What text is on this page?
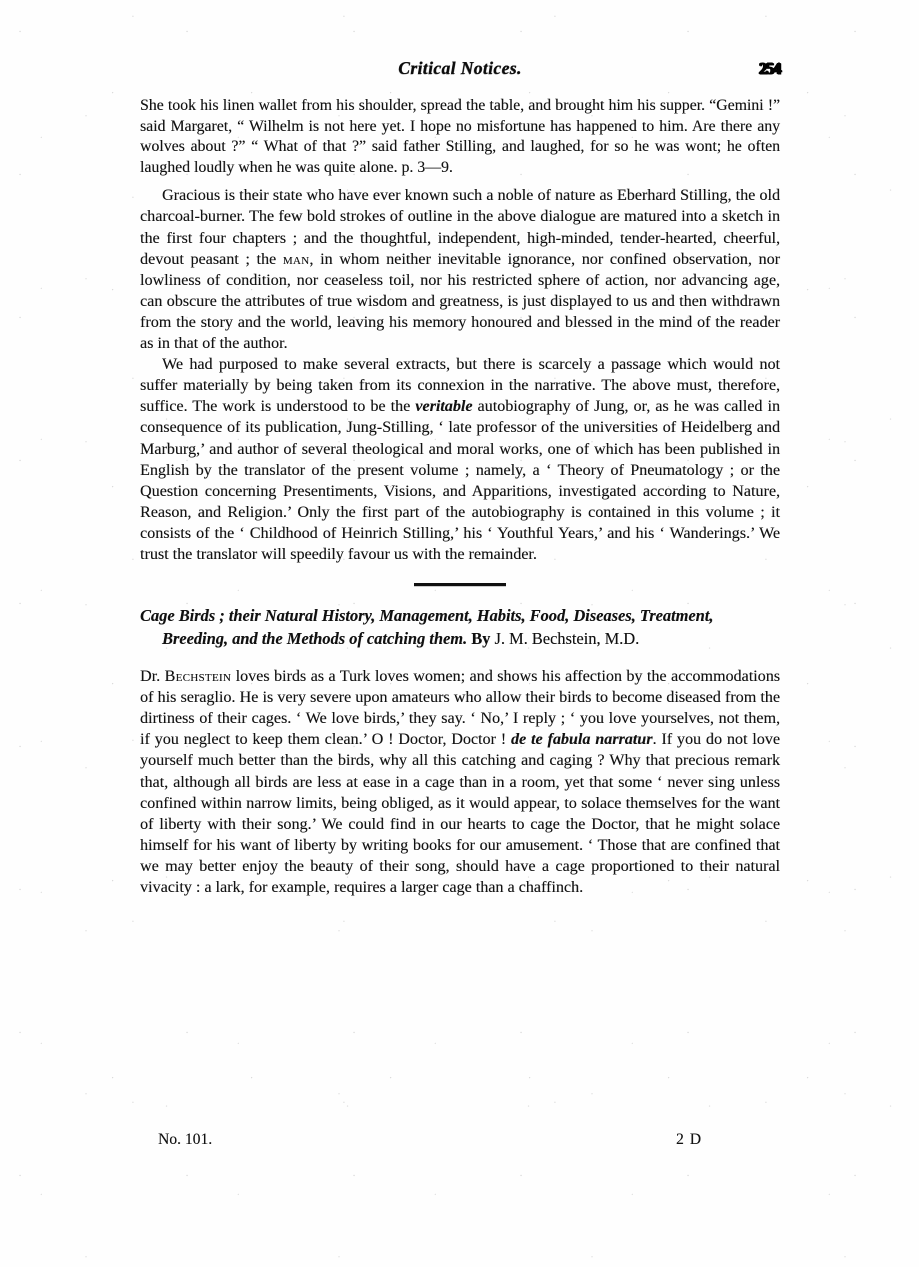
Critical Notices.	254

She took his linen wallet from his shoulder, spread the table, and brought him his supper. “Gemini !” said Margaret, “ Wilhelm is not here yet. I hope no misfortune has happened to him. Are there any wolves about ?” “ What of that ?” said father Stilling, and laughed, for so he was wont; he often laughed loudly when he was quite alone. p. 3—9.

Gracious is their state who have ever known such a noble of nature as Eberhard Stilling, the old charcoal-burner. The few bold strokes of outline in the above dialogue are matured into a sketch in the first four chapters ; and the thoughtful, independent, high-minded, tender-hearted, cheerful, devout peasant ; the man, in whom neither inevitable ignorance, nor confined observation, nor lowliness of condition, nor ceaseless toil, nor his restricted sphere of action, nor advancing age, can obscure the attributes of true wisdom and greatness, is just displayed to us and then withdrawn from the story and the world, leaving his memory honoured and blessed in the mind of the reader as in that of the author.

We had purposed to make several extracts, but there is scarcely a passage which would not suffer materially by being taken from its connexion in the narrative. The above must, therefore, suffice. The work is understood to be the veritable autobiography of Jung, or, as he was called in consequence of its publication, Jung-Stilling, ‘ late professor of the universities of Heidelberg and Marburg,’ and author of several theological and moral works, one of which has been published in English by the translator of the present volume ; namely, a ‘ Theory of Pneumatology ; or the Question concerning Presentiments, Visions, and Apparitions, investigated according to Nature, Reason, and Religion.’ Only the first part of the autobiography is contained in this volume ; it consists of the ‘ Childhood of Heinrich Stilling,’ his ‘ Youthful Years,’ and his ‘ Wanderings.’ We trust the translator will speedily favour us with the remainder.

Cage Birds ; their Natural History, Management, Habits, Food, Diseases, Treatment, Breeding, and the Methods of catching them. By J. M. Bechstein, M.D.

Dr. Bechstein loves birds as a Turk loves women; and shows his affection by the accommodations of his seraglio. He is very severe upon amateurs who allow their birds to become diseased from the dirtiness of their cages. ‘ We love birds,’ they say. ‘ No,’ I reply ; ‘ you love yourselves, not them, if you neglect to keep them clean.’ O ! Doctor, Doctor ! de te fabula narratur. If you do not love yourself much better than the birds, why all this catching and caging ? Why that precious remark that, although all birds are less at ease in a cage than in a room, yet that some ‘ never sing unless confined within narrow limits, being obliged, as it would appear, to solace themselves for the want of liberty with their song.’ We could find in our hearts to cage the Doctor, that he might solace himself for his want of liberty by writing books for our amusement. ‘ Those that are confined that we may better enjoy the beauty of their song, should have a cage proportioned to their natural vivacity : a lark, for example, requires a larger cage than a chaffinch.

No. 101.	2 D
